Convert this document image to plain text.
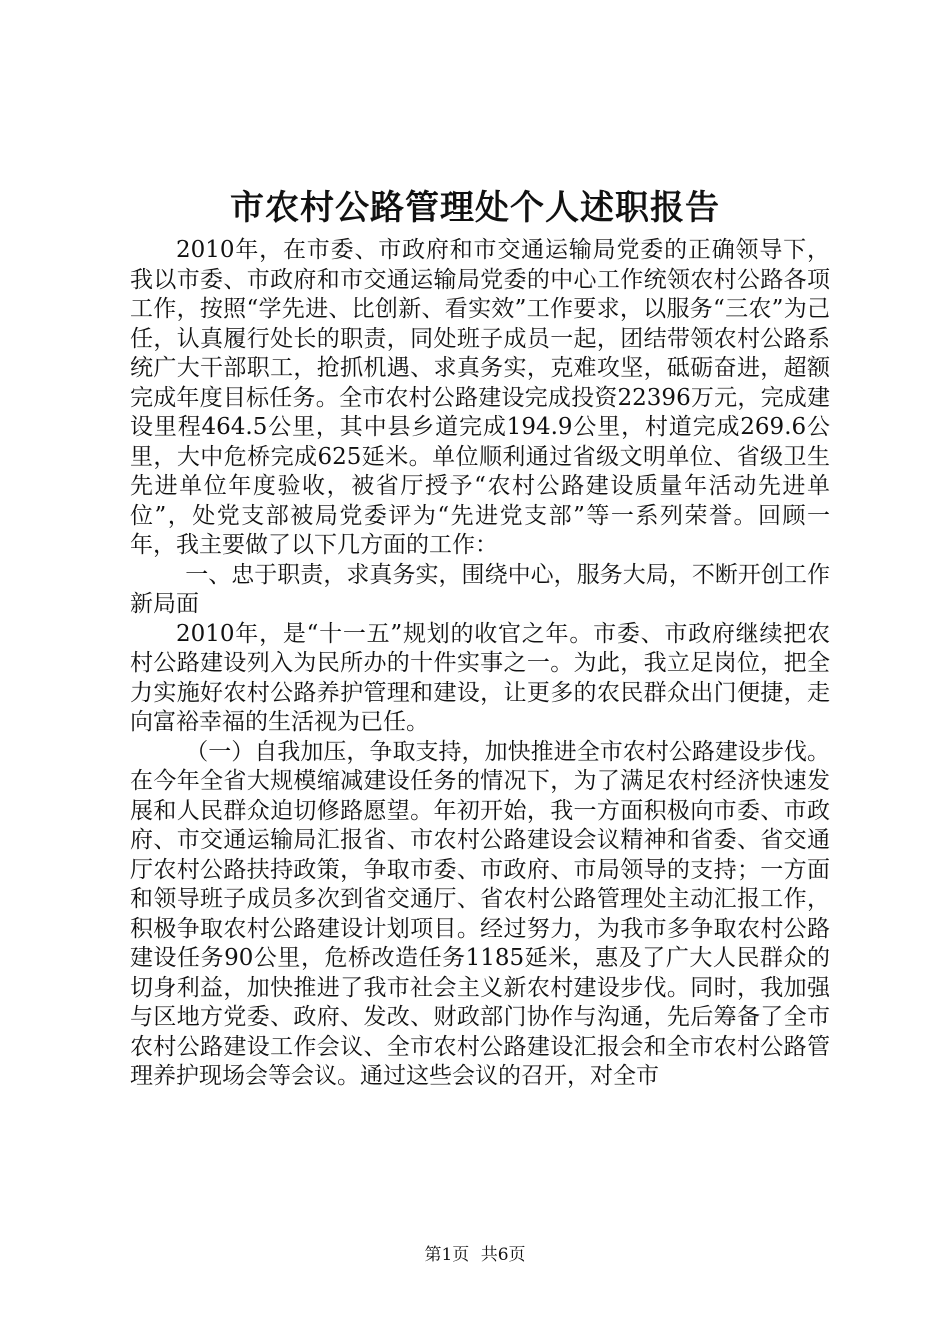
市农村公路管理处个人述职报告

2010年，在市委、市政府和市交通运输局党委的正确领导下，我以市委、市政府和市交通运输局党委的中心工作统领农村公路各项工作，按照“学先进、比创新、看实效”工作要求，以服务“三农”为己任，认真履行处长的职责，同处班子成员一起，团结带领农村公路系统广大干部职工，抢抓机遇、求真务实，克难攻坚，砥砺奋进，超额完成年度目标任务。全市农村公路建设完成投资22396万元，完成建设里程464.5公里，其中县乡道完成194.9公里，村道完成269.6公里，大中危桥完成625延米。单位顺利通过省级文明单位、省级卫生先进单位年度验收，被省厅授予“农村公路建设质量年活动先进单位”，处党支部被局党委评为“先进党支部”等一系列荣誉。回顾一年，我主要做了以下几方面的工作：

一、忠于职责，求真务实，围绕中心，服务大局，不断开创工作新局面

2010年，是“十一五”规划的收官之年。市委、市政府继续把农村公路建设列入为民所办的十件实事之一。为此，我立足岗位，把全力实施好农村公路养护管理和建设，让更多的农民群众出门便捷，走向富裕幸福的生活视为已任。

（一）自我加压，争取支持，加快推进全市农村公路建设步伐。在今年全省大规模缩减建设任务的情况下，为了满足农村经济快速发展和人民群众迫切修路愿望。年初开始，我一方面积极向市委、市政府、市交通运输局汇报省、市农村公路建设会议精神和省委、省交通厅农村公路扶持政策，争取市委、市政府、市局领导的支持；一方面和领导班子成员多次到省交通厅、省农村公路管理处主动汇报工作，积极争取农村公路建设计划项目。经过努力，为我市多争取农村公路建设任务90公里，危桥改造任务1185延米，惠及了广大人民群众的切身利益，加快推进了我市社会主义新农村建设步伐。同时，我加强与区地方党委、政府、发改、财政部门协作与沟通，先后筹备了全市农村公路建设工作会议、全市农村公路建设汇报会和全市农村公路管理养护现场会等会议。通过这些会议的召开，对全市

第1页 共6页
